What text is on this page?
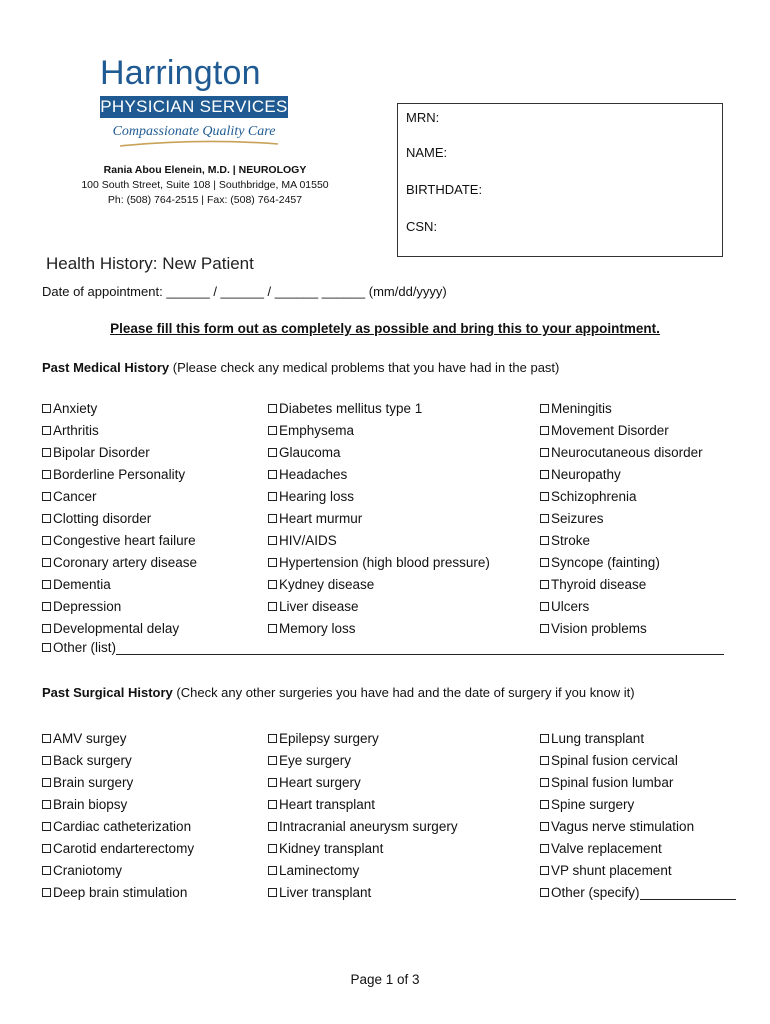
Harrington
PHYSICIAN SERVICES
Compassionate Quality Care
Rania Abou Elenein, M.D. | NEUROLOGY
100 South Street, Suite 108 | Southbridge, MA 01550
Ph: (508) 764-2515 | Fax: (508) 764-2457
MRN:
NAME:
BIRTHDATE:
CSN:
Health History: New Patient
Date of appointment: ______ / ______ / ______ ______ (mm/dd/yyyy)
Please fill this form out as completely as possible and bring this to your appointment.
Past Medical History (Please check any medical problems that you have had in the past)
Anxiety
Arthritis
Bipolar Disorder
Borderline Personality
Cancer
Clotting disorder
Congestive heart failure
Coronary artery disease
Dementia
Depression
Developmental delay
Diabetes mellitus type 1
Emphysema
Glaucoma
Headaches
Hearing loss
Heart murmur
HIV/AIDS
Hypertension (high blood pressure)
Kydney disease
Liver disease
Memory loss
Meningitis
Movement Disorder
Neurocutaneous disorder
Neuropathy
Schizophrenia
Seizures
Stroke
Syncope (fainting)
Thyroid disease
Ulcers
Vision problems
Other (list)
Past Surgical History (Check any other surgeries you have had and the date of surgery if you know it)
AMV surgey
Back surgery
Brain surgery
Brain biopsy
Cardiac catheterization
Carotid endarterectomy
Craniotomy
Deep brain stimulation
Epilepsy surgery
Eye surgery
Heart surgery
Heart transplant
Intracranial aneurysm surgery
Kidney transplant
Laminectomy
Liver transplant
Lung transplant
Spinal fusion cervical
Spinal fusion lumbar
Spine surgery
Vagus nerve stimulation
Valve replacement
VP shunt placement
Other (specify)
Page 1 of 3
